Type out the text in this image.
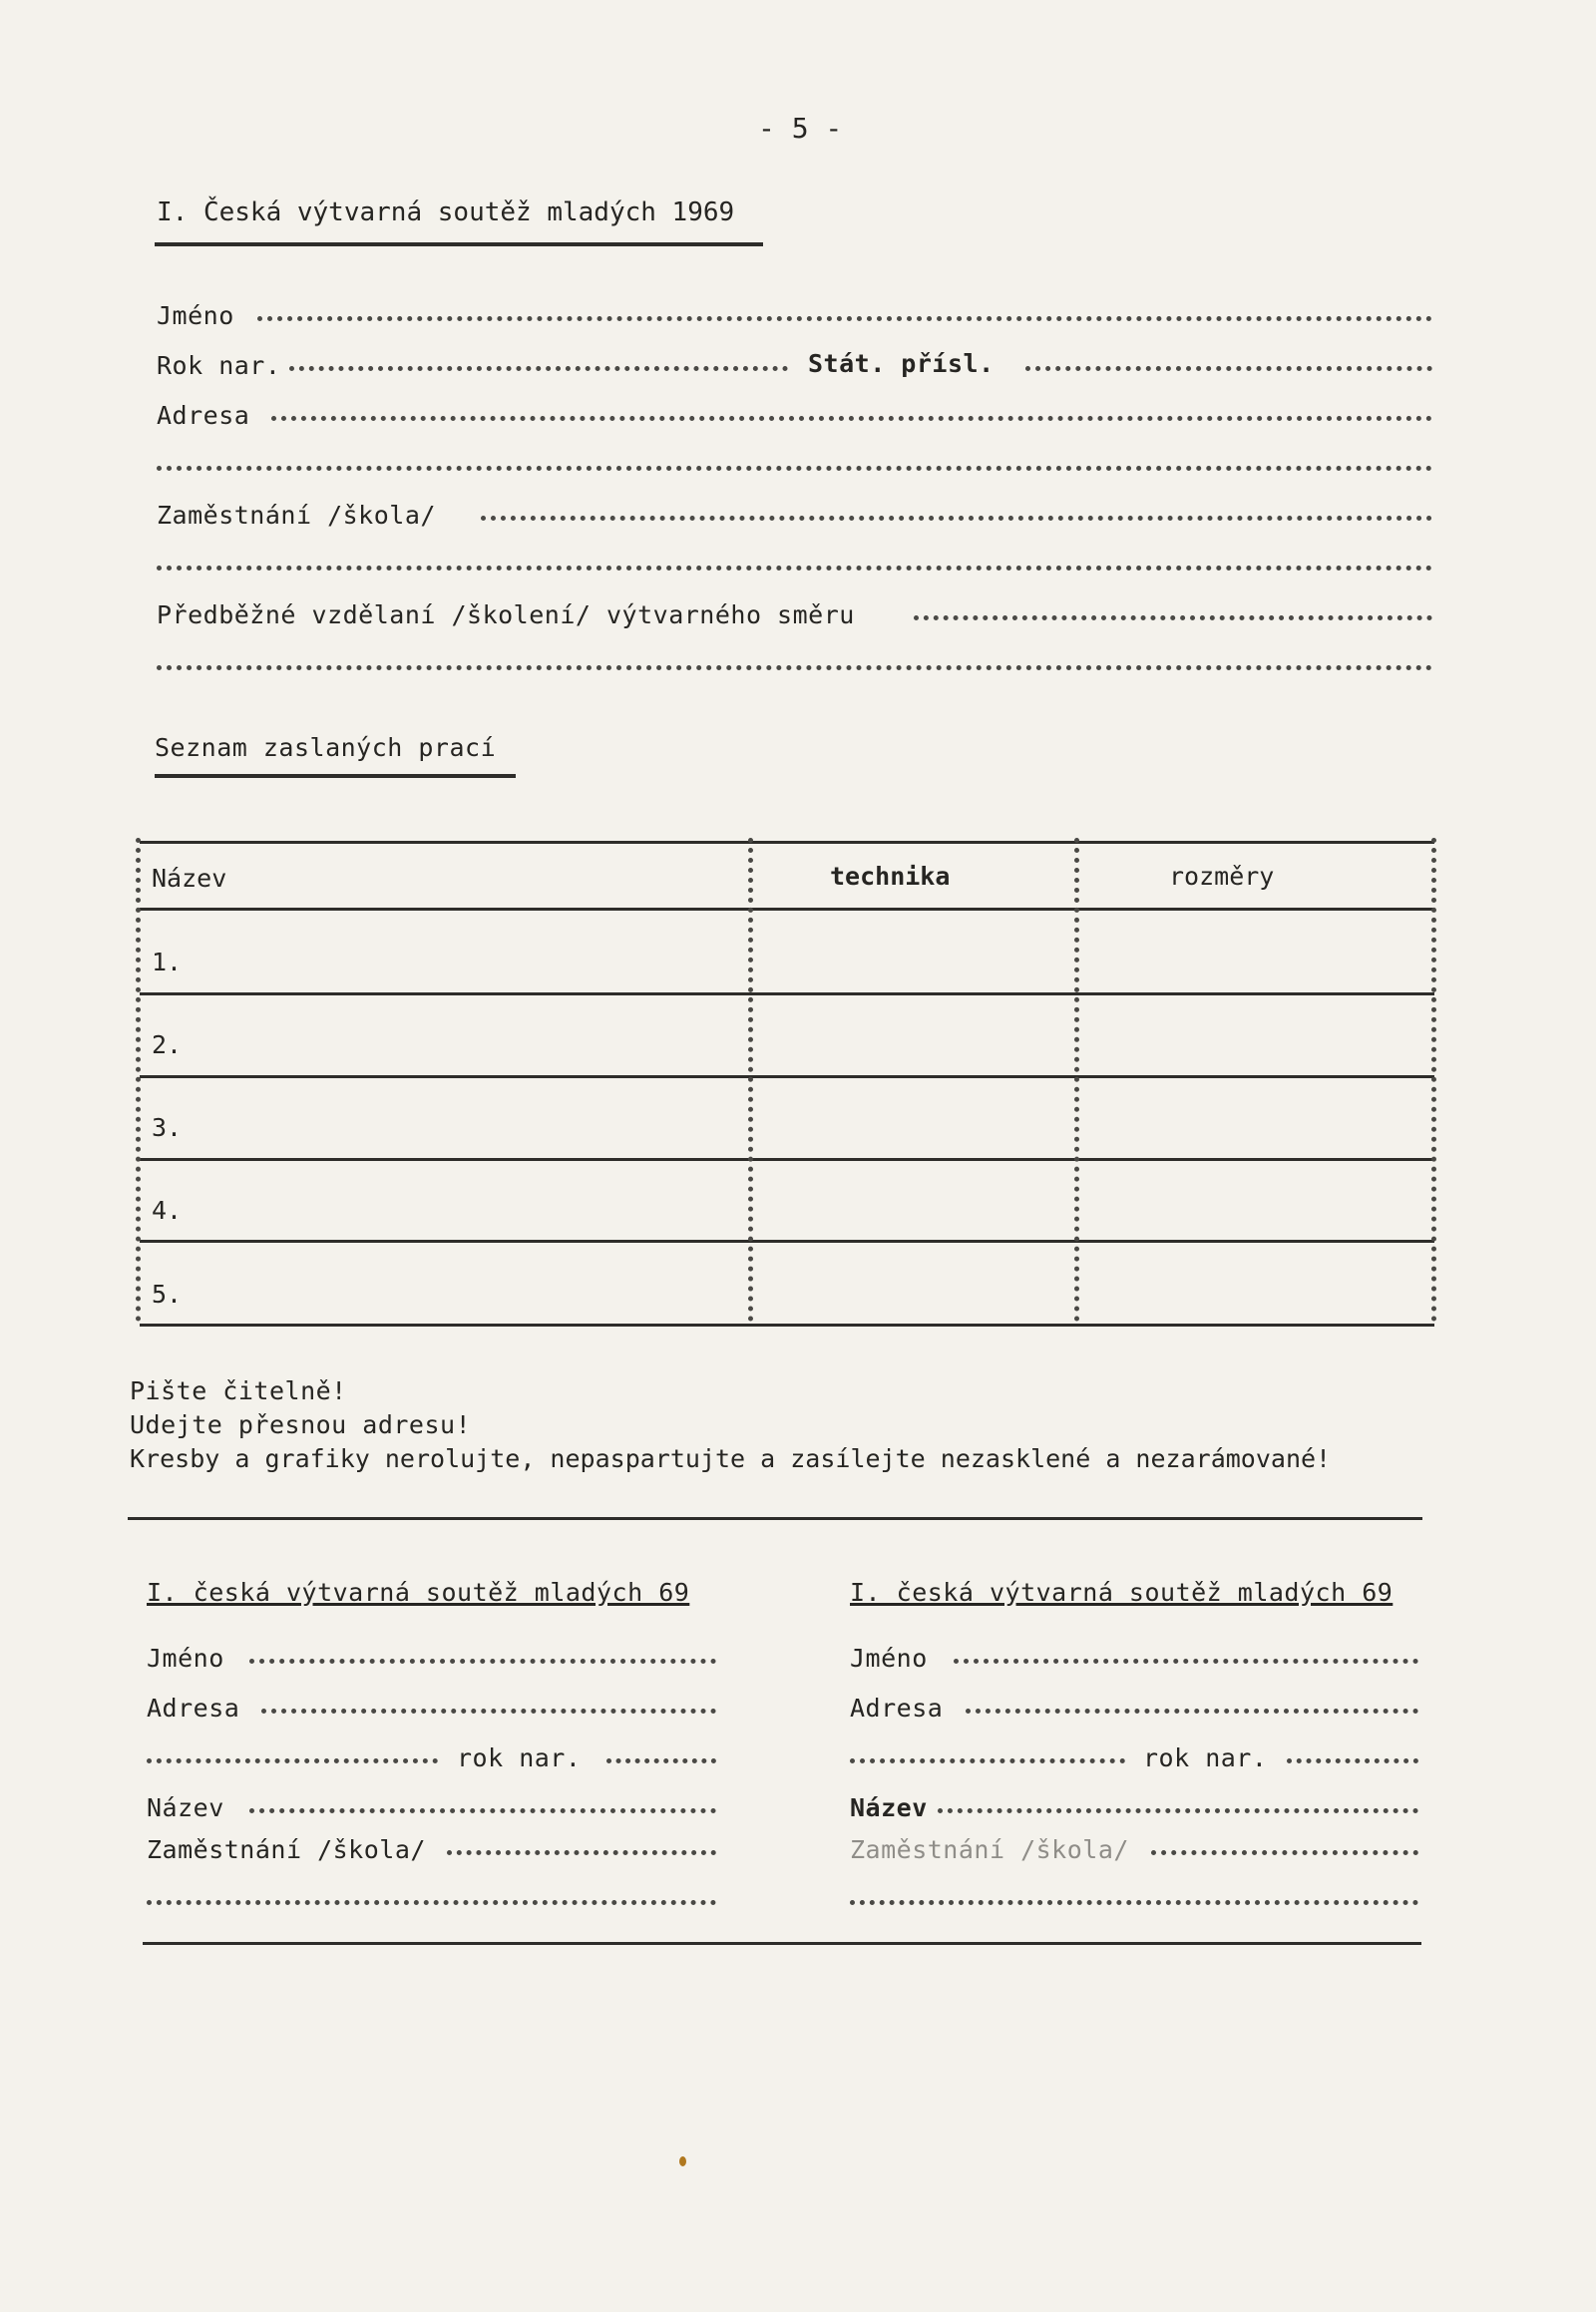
- 5 -
I. Česká výtvarná soutěž mladých 1969
Jméno
Rok nar.	Stát. přísl.
Adresa
Zaměstnání /škola/
Předběžné vzdělaní /školení/ výtvarného směru
Seznam zaslaných prací
Název	technika	rozměry
1.
2.
3.
4.
5.
Pište čitelně!
Udejte přesnou adresu!
Kresby a grafiky nerolujte, nepaspartujte a zasílejte nezasklené a nezarámované!
I. česká výtvarná soutěž mladých 69
Jméno
Adresa
rok nar.
Název
Zaměstnání /škola/
I. česká výtvarná soutěž mladých 69
Jméno
Adresa
rok nar.
Název
Zaměstnání /škola/
